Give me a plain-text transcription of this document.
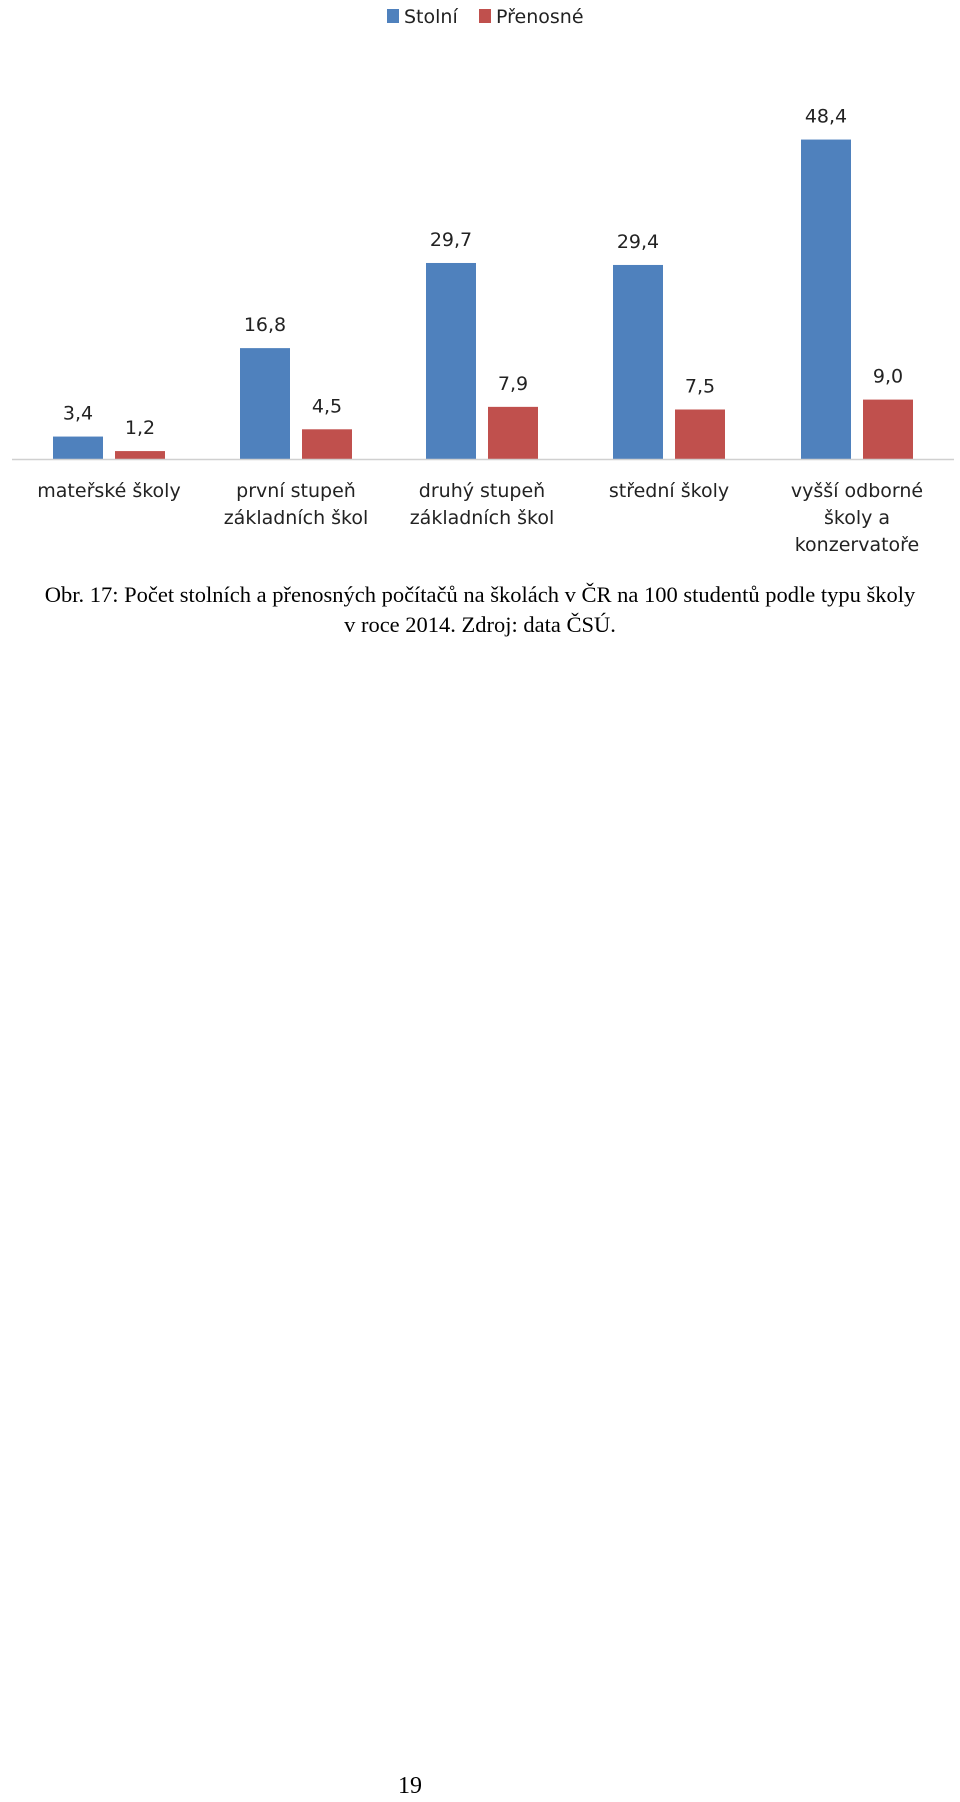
Stolní Přenosné
3,4
16,8
29,7	29,4
48,4
1,2
4,5
7,9	7,5	9,0
mateřské školy	první stupeň základních škol
druhý stupeň základních škol
střední školy	vyšší odborné školy a konzervatoře

Obr. 17: Počet stolních a přenosných počítačů na školách v ČR na 100 studentů podle typu školy
v roce 2014. Zdroj: data ČSÚ.

19
